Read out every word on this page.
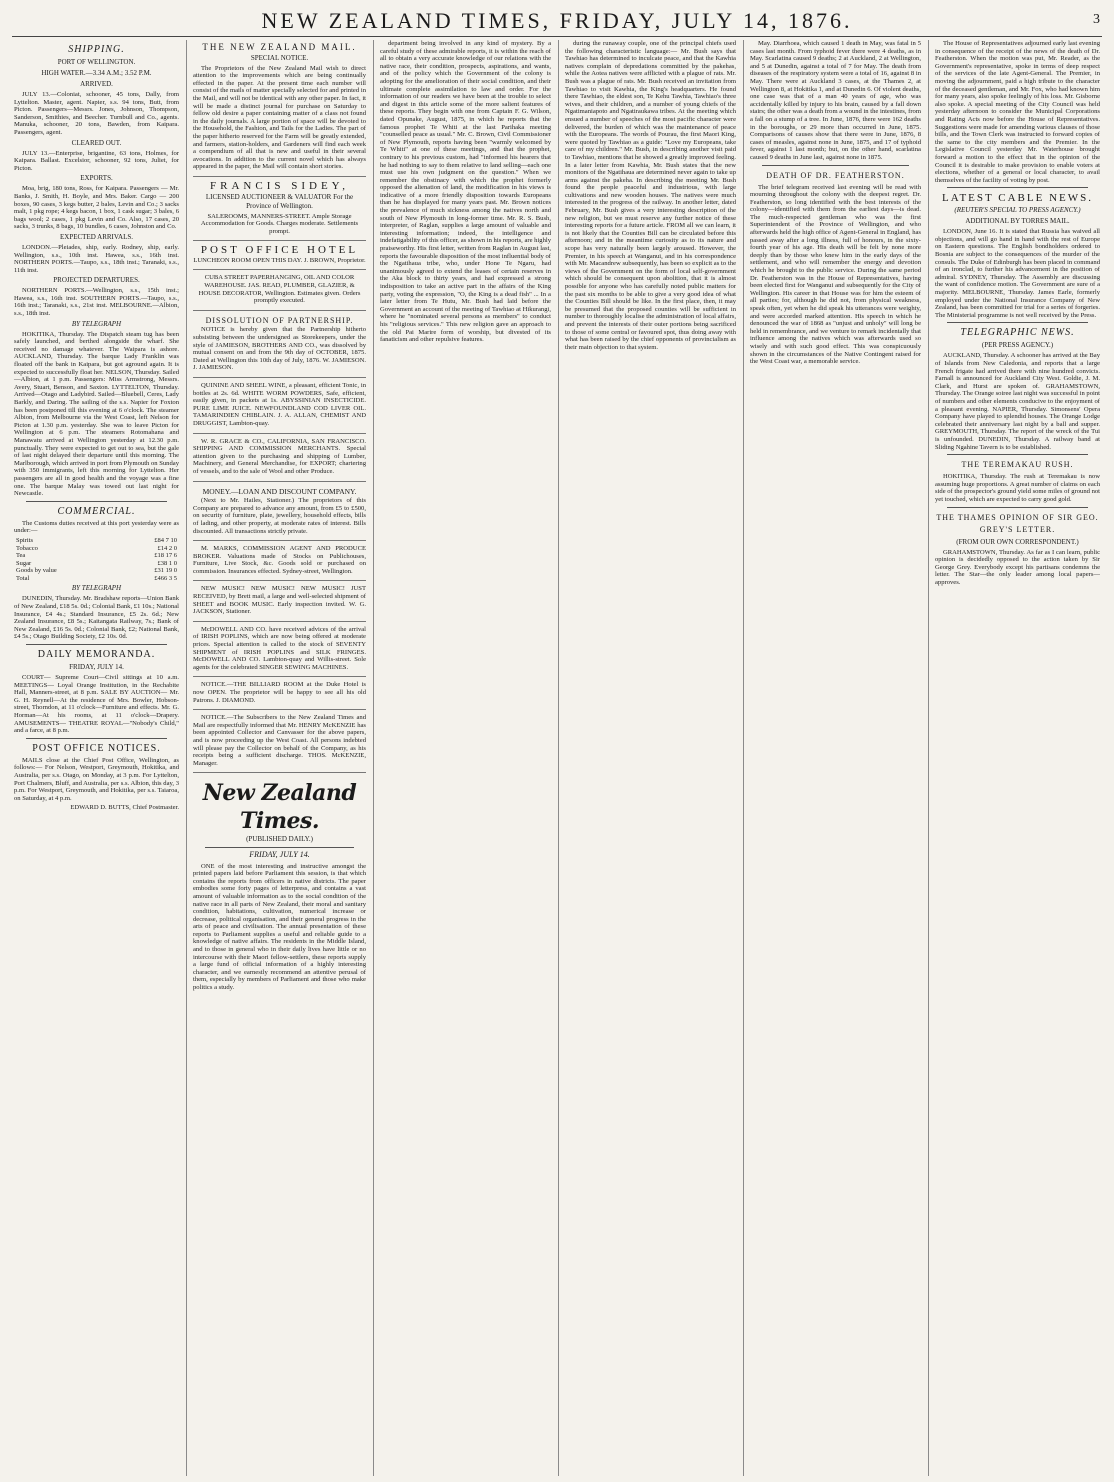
NEW ZEALAND TIMES, FRIDAY, JULY 14, 1876.	3
SHIPPING.
PORT OF WELLINGTON.
HIGH WATER.—3.34 A.M.; 3.52 P.M.
ARRIVED.

JULY 13.—Coloniat, schooner, 45 tons, Dally, from Lyttelton. Master, agent. Napier, s.s. 94 tons, Butt, from Picton. Passengers—Messrs. Jones, Johnson, Thompson, Sanderson, Smithies, and Beecher. Turnbull and Co., agents. Manuka, schooner, 20 tons, Bawden, from Kaipara. Passengers, agent.

CLEARED OUT.

JULY 13.—Enterprise, brigantine, 63 tons, Holmes, for Kaipara. Ballast. Excelsior, schooner, 92 tons, Juliet, for Picton.

EXPORTS.

Moa, brig, 180 tons, Ross, for Kaipara. Passengers — Mr. Banks, J. Smith, H. Boyle, and Mrs. Baker. Cargo — 200 boxes, 90 cases, 3 kegs butter, 2 bales, Levin and Co.; 3 sacks malt, 1 pkg rope; 4 kegs bacon, 1 box, 1 cask sugar; 3 bales, 6 bags wool; 2 cases, 1 pkg Levin and Co. Also, 17 cases, 20 sacks, 3 trunks, 8 bags, 10 bundles, 6 cases, Johnston and Co.

EXPECTED ARRIVALS.

LONDON.—Pleiades, ship, early. Rodney, ship, early. Wellington, s.s., 10th inst. Hawea, s.s., 16th inst. NORTHERN PORTS.—Taupo, s.s., 18th inst.; Taranaki, s.s., 11th inst.

PROJECTED DEPARTURES.

NORTHERN PORTS.—Wellington, s.s., 15th inst.; Hawea, s.s., 16th inst. SOUTHERN PORTS.—Taupo, s.s., 16th inst.; Taranaki, s.s., 21st inst. MELBOURNE.—Albion, s.s., 18th inst.

BY TELEGRAPH

HOKITIKA, Thursday. The Dispatch steam tug has been safely launched, and berthed alongside the wharf. She received no damage whatever. The Waipara is ashore. AUCKLAND, Thursday. The barque Lady Franklin was floated off the bank in Kaipara, but got aground again. It is expected to successfully float her. NELSON, Thursday. Sailed—Albion, at 1 p.m. Passengers: Miss Armstrong, Messrs. Avery, Stuart, Benson, and Saxton. LYTTELTON, Thursday. Arrived—Otago and Ladybird. Sailed—Bluebell, Ceres, Lady Barkly, and Daring. The sailing of the s.s. Napier for Foxton has been postponed till this evening at 6 o'clock. The steamer Albion, from Melbourne via the West Coast, left Nelson for Picton at 1.30 p.m. yesterday. She was to leave Picton for Wellington at 6 p.m. The steamers Rotomahana and Manawatu arrived at Wellington yesterday at 12.30 p.m. punctually. They were expected to get out to sea, but the gale of last night delayed their departure until this morning. The Marlborough, which arrived in port from Plymouth on Sunday with 350 immigrants, left this morning for Lyttelton. Her passengers are all in good health and the voyage was a fine one. The barque Malay was towed out last night for Newcastle.

COMMERCIAL.

The Customs duties received at this port yesterday were as under:—

Spirits	£84 7 10
Tobacco	£14 2 0
Tea	£18 17 6
Sugar	£38 1 0
Goods by value	£31 19 0
Total	£466 3 5
BY TELEGRAPH

DUNEDIN, Thursday. Mr. Bradshaw reports—Union Bank of New Zealand, £18 5s. 0d.; Colonial Bank, £1 10s.; National Insurance, £4 4s.; Standard Insurance, £5 2s. 6d.; New Zealand Insurance, £8 5s.; Kaitangata Railway, 7s.; Bank of New Zealand, £16 5s. 0d.; Colonial Bank, £2; National Bank, £4 5s.; Otago Building Society, £2 10s. 0d.

DAILY MEMORANDA.
FRIDAY, JULY 14.

COURT— Supreme Court—Civil sittings at 10 a.m. MEETINGS— Loyal Orange Institution, in the Rechabite Hall, Manners-street, at 8 p.m. SALE BY AUCTION— Mr. G. H. Reynell—At the residence of Mrs. Bowler, Hobson-street, Thorndon, at 11 o'clock—Furniture and effects. Mr. G. Horman—At his rooms, at 11 o'clock—Drapery. AMUSEMENTS— THEATRE ROYAL—"Nobody's Child," and a farce, at 8 p.m.

POST OFFICE NOTICES.

MAILS close at the Chief Post Office, Wellington, as follows:— For Nelson, Westport, Greymouth, Hokitika, and Australia, per s.s. Otago, on Monday, at 3 p.m. For Lyttelton, Port Chalmers, Bluff, and Australia, per s.s. Albion, this day, 3 p.m. For Westport, Greymouth, and Hokitika, per s.s. Taiaroa, on Saturday, at 4 p.m.

EDWARD D. BUTTS, Chief Postmaster.

THE NEW ZEALAND MAIL.
SPECIAL NOTICE.

The Proprietors of the New Zealand Mail wish to direct attention to the improvements which are being continually effected in the paper. At the present time each number will consist of the mails of matter specially selected for and printed in the Mail, and will not be identical with any other paper. In fact, it will be made a distinct journal for purchase on Saturday to fellow old desire a paper containing matter of a class not found in the daily journals. A large portion of space will be devoted to the Household, the Fashion, and Tails for the Ladies. The part of the paper hitherto reserved for the Farm will be greatly extended, and farmers, station-holders, and Gardeners will find each week a compendium of all that is new and useful in their several avocations. In addition to the current novel which has always appeared in the paper, the Mail will contain short stories.

FRANCIS SIDEY,
LICENSED AUCTIONEER & VALUATOR For the Province of Wellington.

SALEROOMS, MANNERS-STREET. Ample Storage Accommodation for Goods. Charges moderate. Settlements prompt.

POST OFFICE HOTEL

LUNCHEON ROOM OPEN THIS DAY. J. BROWN, Proprietor.

CUBA STREET PAPERHANGING, OIL AND COLOR WAREHOUSE. JAS. READ, PLUMBER, GLAZIER, & HOUSE DECORATOR, Wellington. Estimates given. Orders promptly executed.

DISSOLUTION OF PARTNERSHIP.

NOTICE is hereby given that the Partnership hitherto subsisting between the undersigned as Storekeepers, under the style of JAMIESON, BROTHERS AND CO., was dissolved by mutual consent on and from the 9th day of OCTOBER, 1875. Dated at Wellington this 10th day of July, 1876. W. JAMIESON. J. JAMIESON.

QUININE AND SHEEL WINE, a pleasant, efficient Tonic, in bottles at 2s. 6d. WHITE WORM POWDERS, Safe, efficient, easily given, in packets at 1s. ABYSSINIAN INSECTICIDE. PURE LIME JUICE. NEWFOUNDLAND COD LIVER OIL. TAMARINDIEN CHIBLAIN. J. A. ALLAN, CHEMIST AND DRUGGIST, Lambton-quay.

W. R. GRACE & CO., CALIFORNIA, SAN FRANCISCO. SHIPPING AND COMMISSION MERCHANTS. Special attention given to the purchasing and shipping of Lumber, Machinery, and General Merchandise, for EXPORT; chartering of vessels, and to the sale of Wool and other Produce.

MONEY.—LOAN AND DISCOUNT COMPANY.

(Next to Mr. Hailes, Stationer.) The proprietors of this Company are prepared to advance any amount, from £5 to £500, on security of furniture, plate, jewellery, household effects, bills of lading, and other property, at moderate rates of interest. Bills discounted. All transactions strictly private.

M. MARKS, COMMISSION AGENT AND PRODUCE BROKER. Valuations made of Stocks on Publichouses, Furniture, Live Stock, &c. Goods sold or purchased on commission. Insurances effected. Sydney-street, Wellington.

NEW MUSIC! NEW MUSIC! NEW MUSIC! JUST RECEIVED, by Brett mail, a large and well-selected shipment of SHEET and BOOK MUSIC. Early inspection invited. W. G. JACKSON, Stationer.

McDOWELL AND CO. have received advices of the arrival of IRISH POPLINS, which are now being offered at moderate prices. Special attention is called to the stock of SEVENTY SHIPMENT of IRISH POPLINS and SILK FRINGES. McDOWELL AND CO. Lambton-quay and Willis-street. Sole agents for the celebrated SINGER SEWING MACHINES.

NOTICE.—THE BILLIARD ROOM at the Duke Hotel is now OPEN. The proprietor will be happy to see all his old Patrons. J. DIAMOND.

NOTICE.—The Subscribers to the New Zealand Times and Mail are respectfully informed that Mr. HENRY McKENZIE has been appointed Collector and Canvasser for the above papers, and is now proceeding up the West Coast. All persons indebted will please pay the Collector on behalf of the Company, as his receipts being a sufficient discharge. THOS. McKENZIE, Manager.

New Zealand Times.
(PUBLISHED DAILY.)
FRIDAY, JULY 14.

ONE of the most interesting and instructive amongst the printed papers laid before Parliament this session, is that which contains the reports from officers in native districts. The paper embodies some forty pages of letterpress, and contains a vast amount of valuable information as to the social condition of the native race in all parts of New Zealand, their moral and sanitary condition, habitations, cultivation, numerical increase or decrease, political organisation, and their general progress in the arts of peace and civilisation. The annual presentation of these reports to Parliament supplies a useful and reliable guide to a knowledge of native affairs. The residents in the Middle Island, and to those in general who in their daily lives have little or no intercourse with their Maori fellow-settlers, these reports supply a large fund of official information of a highly interesting character, and we earnestly recommend an attentive perusal of them, especially by members of Parliament and those who make politics a study.

department being involved in any kind of mystery. By a careful study of these admirable reports, it is within the reach of all to obtain a very accurate knowledge of our relations with the native race, their condition, prospects, aspirations, and wants, and of the policy which the Government of the colony is adopting for the amelioration of their social condition, and their ultimate complete assimilation to law and order. For the information of our readers we have been at the trouble to select and digest in this article some of the more salient features of these reports. They begin with one from Captain F. G. Wilson, dated Opunake, August, 1875, in which he reports that the famous prophet Te Whiti at the last Parihaka meeting "counselled peace as usual." Mr. C. Brown, Civil Commissioner of New Plymouth, reports having been "warmly welcomed by Te Whiti" at one of these meetings, and that the prophet, contrary to his previous custom, had "informed his hearers that he had nothing to say to them relative to land selling—each one must use his own judgment on the question." When we remember the obstinacy with which the prophet formerly opposed the alienation of land, the modification in his views is indicative of a more friendly disposition towards Europeans than he has displayed for many years past. Mr. Brown notices the prevalence of much sickness among the natives north and south of New Plymouth in long-former time. Mr. R. S. Bush, interpreter, of Raglan, supplies a large amount of valuable and interesting information; indeed, the intelligence and indefatigability of this officer, as shown in his reports, are highly praiseworthy. His first letter, written from Raglan in August last, reports the favourable disposition of the most influential body of the Ngatihaua tribe, who, under Hone Te Ngaru, had unanimously agreed to extend the leases of certain reserves in the Aka block to thirty years, and had expressed a strong indisposition to take an active part in the affairs of the King party, voting the expression, "O, the King is a dead fish" ... In a later letter from Te Hutu, Mr. Bush had laid before the Government an account of the meeting of Tawhiao at Hikurangi, where he "nominated several persons as members" to conduct his "religious services." This new religion gave an approach to the old Pai Marire form of worship, but divested of its fanaticism and other repulsive features.

during the runaway couple, one of the principal chiefs used the following characteristic language:— Mr. Bush says that Tawhiao has determined to inculcate peace, and that the Kawhia natives complain of depredations committed by the pakehas, while the Aotea natives were afflicted with a plague of rats. Mr. Bush was a plague of rats. Mr. Bush received an invitation from Tawhiao to visit Kawhia, the King's headquarters. He found there Tawhiao, the eldest son, Te Kehu Tawhia, Tawhiao's three wives, and their children, and a number of young chiefs of the Ngatimaniapoto and Ngatiraukawa tribes. At the meeting which ensued a number of speeches of the most pacific character were delivered, the burden of which was the maintenance of peace with the Europeans. The words of Pourau, the first Maori King, were quoted by Tawhiao as a guide: "Love my Europeans, take care of my children." Mr. Bush, in describing another visit paid to Tawhiao, mentions that he showed a greatly improved feeling. In a later letter from Kawhia, Mr. Bush states that the new monitors of the Ngatihaua are determined never again to take up arms against the pakeha. In describing the meeting Mr. Bush found the people peaceful and industrious, with large cultivations and new wooden houses. The natives were much interested in the progress of the railway. In another letter, dated February, Mr. Bush gives a very interesting description of the new religion, but we must reserve any further notice of these interesting reports for a future article. FROM all we can learn, it is not likely that the Counties Bill can be circulated before this afternoon; and in the meantime curiosity as to its nature and scope has very naturally been largely aroused. However, the Premier, in his speech at Wanganui, and in his correspondence with Mr. Macandrew subsequently, has been so explicit as to the views of the Government on the form of local self-government which should be consequent upon abolition, that it is almost possible for anyone who has carefully noted public matters for the past six months to be able to give a very good idea of what the Counties Bill should be like. In the first place, then, it may be presumed that the proposed counties will be sufficient in number to thoroughly localise the administration of local affairs, and prevent the interests of their outer portions being sacrificed to those of some central or favoured spot, thus doing away with what has been raised by the chief opponents of provincialism as their main objection to that system.

May. Diarrhoea, which caused 1 death in May, was fatal in 5 cases last month. From typhoid fever there were 4 deaths, as in May. Scarlatina caused 9 deaths; 2 at Auckland, 2 at Wellington, and 5 at Dunedin, against a total of 7 for May. The death from diseases of the respiratory system were a total of 16, against 8 in May. There were at Auckland 3 cases, at the Thames 2, at Wellington 8, at Hokitika 1, and at Dunedin 6. Of violent deaths, one case was that of a man 40 years of age, who was accidentally killed by injury to his brain, caused by a fall down stairs; the other was a death from a wound in the intestines, from a fall on a stump of a tree. In June, 1876, there were 162 deaths in the boroughs, or 29 more than occurred in June, 1875. Comparisons of causes show that there were in June, 1876, 8 cases of measles, against none in June, 1875, and 17 of typhoid fever, against 1 last month; but, on the other hand, scarlatina caused 9 deaths in June last, against none in 1875.

DEATH OF DR. FEATHERSTON.

The brief telegram received last evening will be read with mourning throughout the colony with the deepest regret. Dr. Featherston, so long identified with the best interests of the colony—identified with them from the earliest days—is dead. The much-respected gentleman who was the first Superintendent of the Province of Wellington, and who afterwards held the high office of Agent-General in England, has passed away after a long illness, full of honours, in the sixty-fourth year of his age. His death will be felt by none more deeply than by those who knew him in the early days of the settlement, and who will remember the energy and devotion which he brought to the public service. During the same period Dr. Featherston was in the House of Representatives, having been elected first for Wanganui and subsequently for the City of Wellington. His career in that House was for him the esteem of all parties; for, although he did not, from physical weakness, speak often, yet when he did speak his utterances were weighty, and were accorded marked attention. His speech in which he denounced the war of 1868 as "unjust and unholy" will long be held in remembrance, and we venture to remark incidentally that influence among the natives which was afterwards used so wisely and with such good effect. This was conspicuously shown in the circumstances of the Native Contingent raised for the West Coast war, a memorable service.

The House of Representatives adjourned early last evening in consequence of the receipt of the news of the death of Dr. Featherston. When the motion was put, Mr. Reader, as the Government's representative, spoke in terms of deep respect of the services of the late Agent-General. The Premier, in moving the adjournment, paid a high tribute to the character of the deceased gentleman, and Mr. Fox, who had known him for many years, also spoke feelingly of his loss. Mr. Gisborne also spoke. A special meeting of the City Council was held yesterday afternoon to consider the Municipal Corporations and Rating Acts now before the House of Representatives. Suggestions were made for amending various clauses of those bills, and the Town Clerk was instructed to forward copies of the same to the city members and the Premier. In the Legislative Council yesterday Mr. Waterhouse brought forward a motion to the effect that in the opinion of the Council it is desirable to make provision to enable voters at elections, whether of a general or local character, to avail themselves of the facility of voting by post.

LATEST CABLE NEWS.
(REUTER'S SPECIAL TO PRESS AGENCY.)
ADDITIONAL BY TORRES MAIL.

LONDON, June 16. It is stated that Russia has waived all objections, and will go hand in hand with the rest of Europe on Eastern questions. The English bondholders ordered to Bosnia are subject to the consequences of the murder of the consuls. The Duke of Edinburgh has been placed in command of an ironclad, to further his advancement in the position of admiral. SYDNEY, Thursday. The Assembly are discussing the want of confidence motion. The Government are sure of a majority. MELBOURNE, Thursday. James Earle, formerly employed under the National Insurance Company of New Zealand, has been committed for trial for a series of forgeries. The Ministerial programme is not well received by the Press.

TELEGRAPHIC NEWS.
(PER PRESS AGENCY.)

AUCKLAND, Thursday. A schooner has arrived at the Bay of Islands from New Caledonia, and reports that a large French frigate had arrived there with nine hundred convicts. Farnall is announced for Auckland City West. Goldie, J. M. Clark, and Hurst are spoken of. GRAHAMSTOWN, Thursday. The Orange soiree last night was successful in point of numbers and other elements conducive to the enjoyment of a pleasant evening. NAPIER, Thursday. Simonsens' Opera Company have played to splendid houses. The Orange Lodge celebrated their anniversary last night by a ball and supper. GREYMOUTH, Thursday. The report of the wreck of the Tui is unfounded. DUNEDIN, Thursday. A railway band at Sliding Ngahine Tavern is to be established.

THE TEREMAKAU RUSH.

HOKITIKA, Thursday. The rush at Teremakau is now assuming huge proportions. A great number of claims on each side of the prospector's ground yield some miles of ground not yet touched, which are expected to carry good gold.

THE THAMES OPINION OF SIR GEO. GREY'S LETTER.
(FROM OUR OWN CORRESPONDENT.)

GRAHAMSTOWN, Thursday. As far as I can learn, public opinion is decidedly opposed to the action taken by Sir George Grey. Everybody except his partisans condemns the letter. The Star—the only leader among local papers—approves.
